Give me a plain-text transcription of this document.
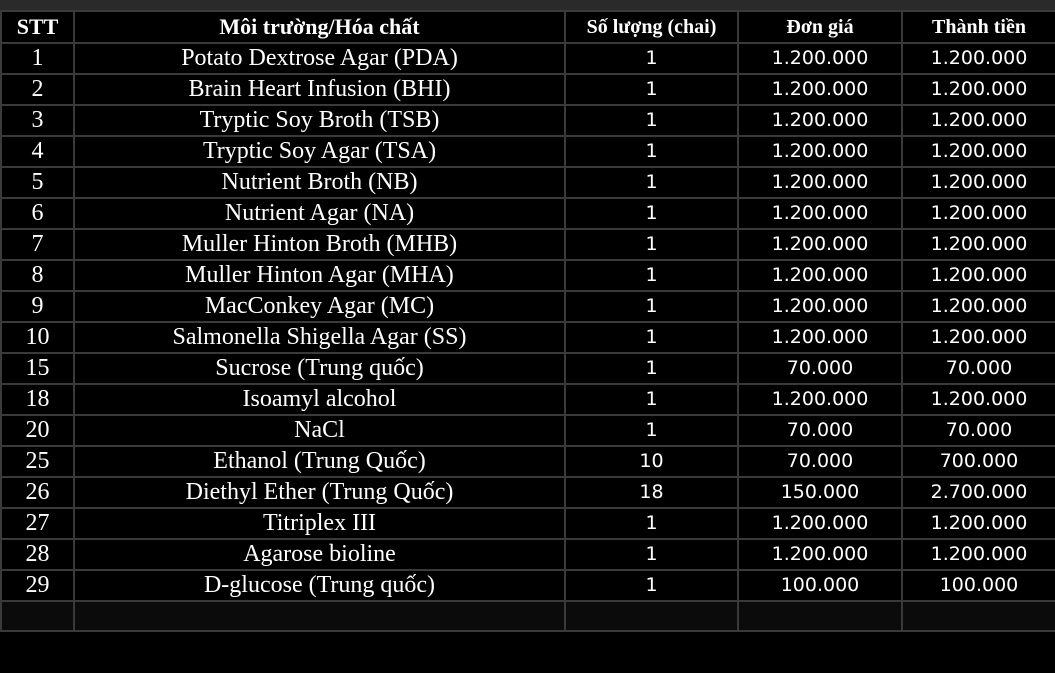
STT	Môi trường/Hóa chất	Số lượng (chai)	Đơn giá	Thành tiền
1	Potato Dextrose Agar (PDA)	1	1.200.000	1.200.000
2	Brain Heart Infusion (BHI)	1	1.200.000	1.200.000
3	Tryptic Soy Broth (TSB)	1	1.200.000	1.200.000
4	Tryptic Soy Agar (TSA)	1	1.200.000	1.200.000
5	Nutrient Broth (NB)	1	1.200.000	1.200.000
6	Nutrient Agar (NA)	1	1.200.000	1.200.000
7	Muller Hinton Broth (MHB)	1	1.200.000	1.200.000
8	Muller Hinton Agar (MHA)	1	1.200.000	1.200.000
9	MacConkey Agar (MC)	1	1.200.000	1.200.000
10	Salmonella Shigella Agar (SS)	1	1.200.000	1.200.000
15	Sucrose (Trung quốc)	1	70.000	70.000
18	Isoamyl alcohol	1	1.200.000	1.200.000
20	NaCl	1	70.000	70.000
25	Ethanol (Trung Quốc)	10	70.000	700.000
26	Diethyl Ether (Trung Quốc)	18	150.000	2.700.000
27	Titriplex III	1	1.200.000	1.200.000
28	Agarose bioline	1	1.200.000	1.200.000
29	D-glucose (Trung quốc)	1	100.000	100.000
